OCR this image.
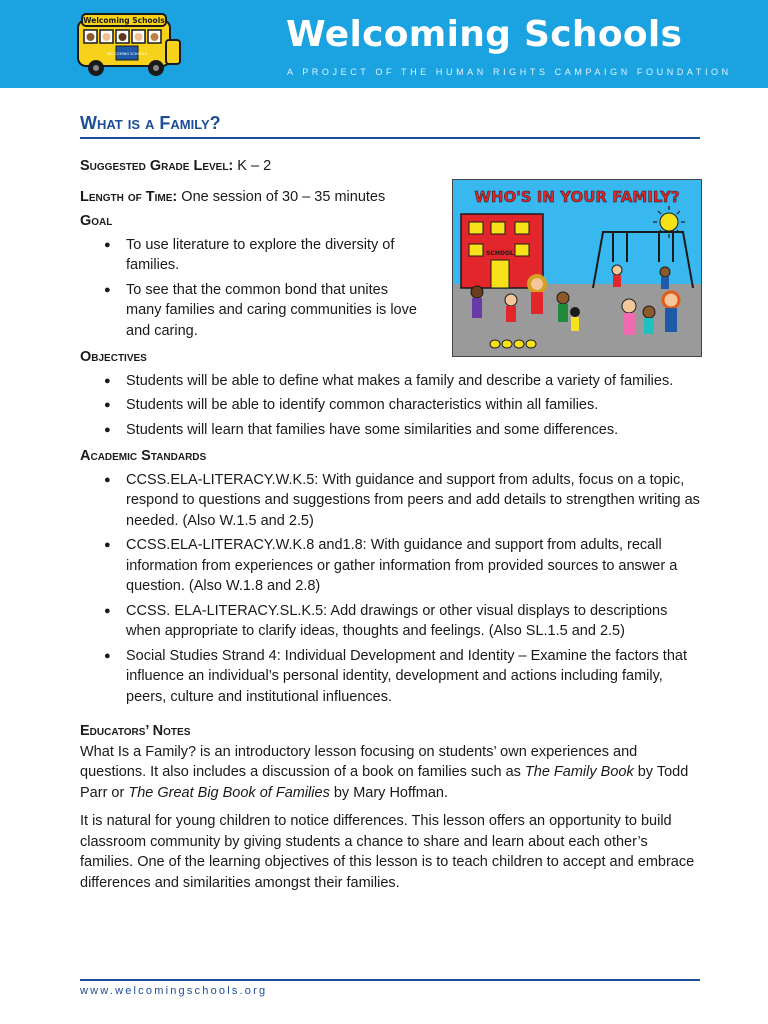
Welcoming Schools
WELCOMING SCHOOLS	Welcoming Schools
A PROJECT OF THE HUMAN RIGHTS CAMPAIGN FOUNDATION
What is a Family?
WHO'S IN YOUR FAMILY?
SCHOOL

Suggested Grade Level: K – 2

Length of Time: One session of 30 – 35 minutes

Goal

● To use literature to explore the diversity of families.
● To see that the common bond that unites many families and caring communities is love and caring.

Objectives

● Students will be able to define what makes a family and describe a variety of families.
● Students will be able to identify common characteristics within all families.
● Students will learn that families have some similarities and some differences.

Academic Standards

● CCSS.ELA-LITERACY.W.K.5: With guidance and support from adults, focus on a topic, respond to questions and suggestions from peers and add details to strengthen writing as needed. (Also W.1.5 and 2.5)
● CCSS.ELA-LITERACY.W.K.8 and1.8: With guidance and support from adults, recall information from experiences or gather information from provided sources to answer a question. (Also W.1.8 and 2.8)
● CCSS. ELA-LITERACY.SL.K.5: Add drawings or other visual displays to descriptions when appropriate to clarify ideas, thoughts and feelings. (Also SL.1.5 and 2.5)
● Social Studies Strand 4: Individual Development and Identity – Examine the factors that influence an individual’s personal identity, development and actions including family, peers, culture and institutional influences.

Educators’ Notes

What Is a Family? is an introductory lesson focusing on students’ own experiences and questions. It also includes a discussion of a book on families such as The Family Book by Todd Parr or The Great Big Book of Families by Mary Hoffman.

It is natural for young children to notice differences. This lesson offers an opportunity to build classroom community by giving students a chance to share and learn about each other’s families. One of the learning objectives of this lesson is to teach children to accept and embrace differences and similarities amongst their families.

www.welcomingschools.org
